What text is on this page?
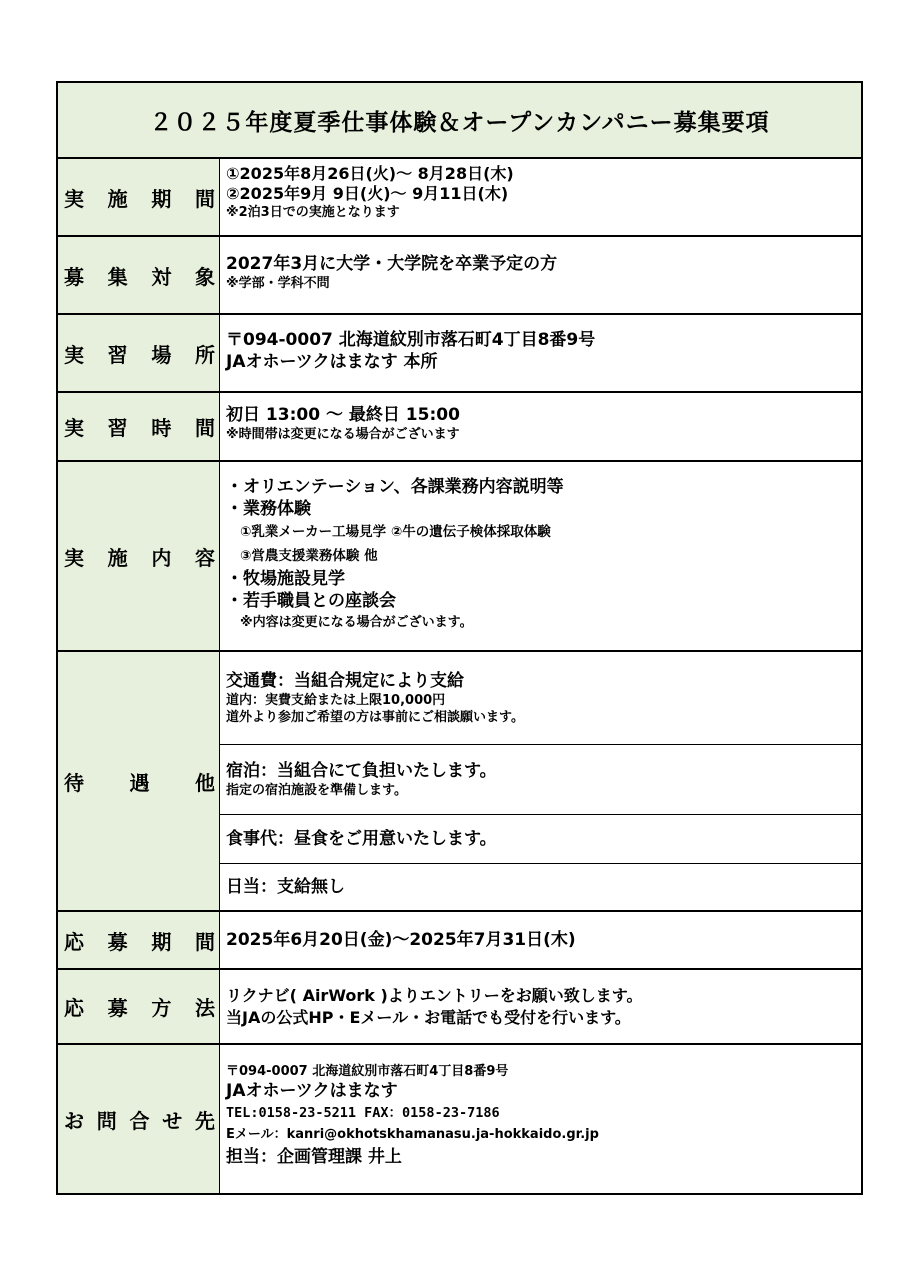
２０２５年度夏季仕事体験＆オープンカンパニー募集要項
実 施 期 間
①2025年8月26日(火)～ 8月28日(木)
②2025年9月 9日(火)～ 9月11日(木)
※2泊3日での実施となります
募 集 対 象
2027年3月に大学・大学院を卒業予定の方
※学部・学科不問
実 習 場 所
〒094-0007 北海道紋別市落石町4丁目8番9号
JAオホーツクはまなす 本所
実 習 時 間
初日 13:00 ～ 最終日 15:00
※時間帯は変更になる場合がございます
実 施 内 容
・オリエンテーション、各課業務内容説明等
・業務体験
①乳業メーカー工場見学 ②牛の遺伝子検体採取体験
③営農支援業務体験 他
・牧場施設見学
・若手職員との座談会
※内容は変更になる場合がございます。
待 遇 他
交通費：当組合規定により支給
道内：実費支給または上限10,000円
道外より参加ご希望の方は事前にご相談願います。
宿泊：当組合にて負担いたします。
指定の宿泊施設を準備します。
食事代：昼食をご用意いたします。
日当：支給無し
応 募 期 間 2025年6月20日(金)～2025年7月31日(木)
応 募 方 法
リクナビ( AirWork )よりエントリーをお願い致します。
当JAの公式HP・Eメール・お電話でも受付を行います。
お 問 合 せ 先
〒094-0007 北海道紋別市落石町4丁目8番9号
JAオホーツクはまなす
TEL:0158-23-5211 FAX：0158-23-7186
Eメール：kanri@okhotskhamanasu.ja-hokkaido.gr.jp
担当：企画管理課 井上
